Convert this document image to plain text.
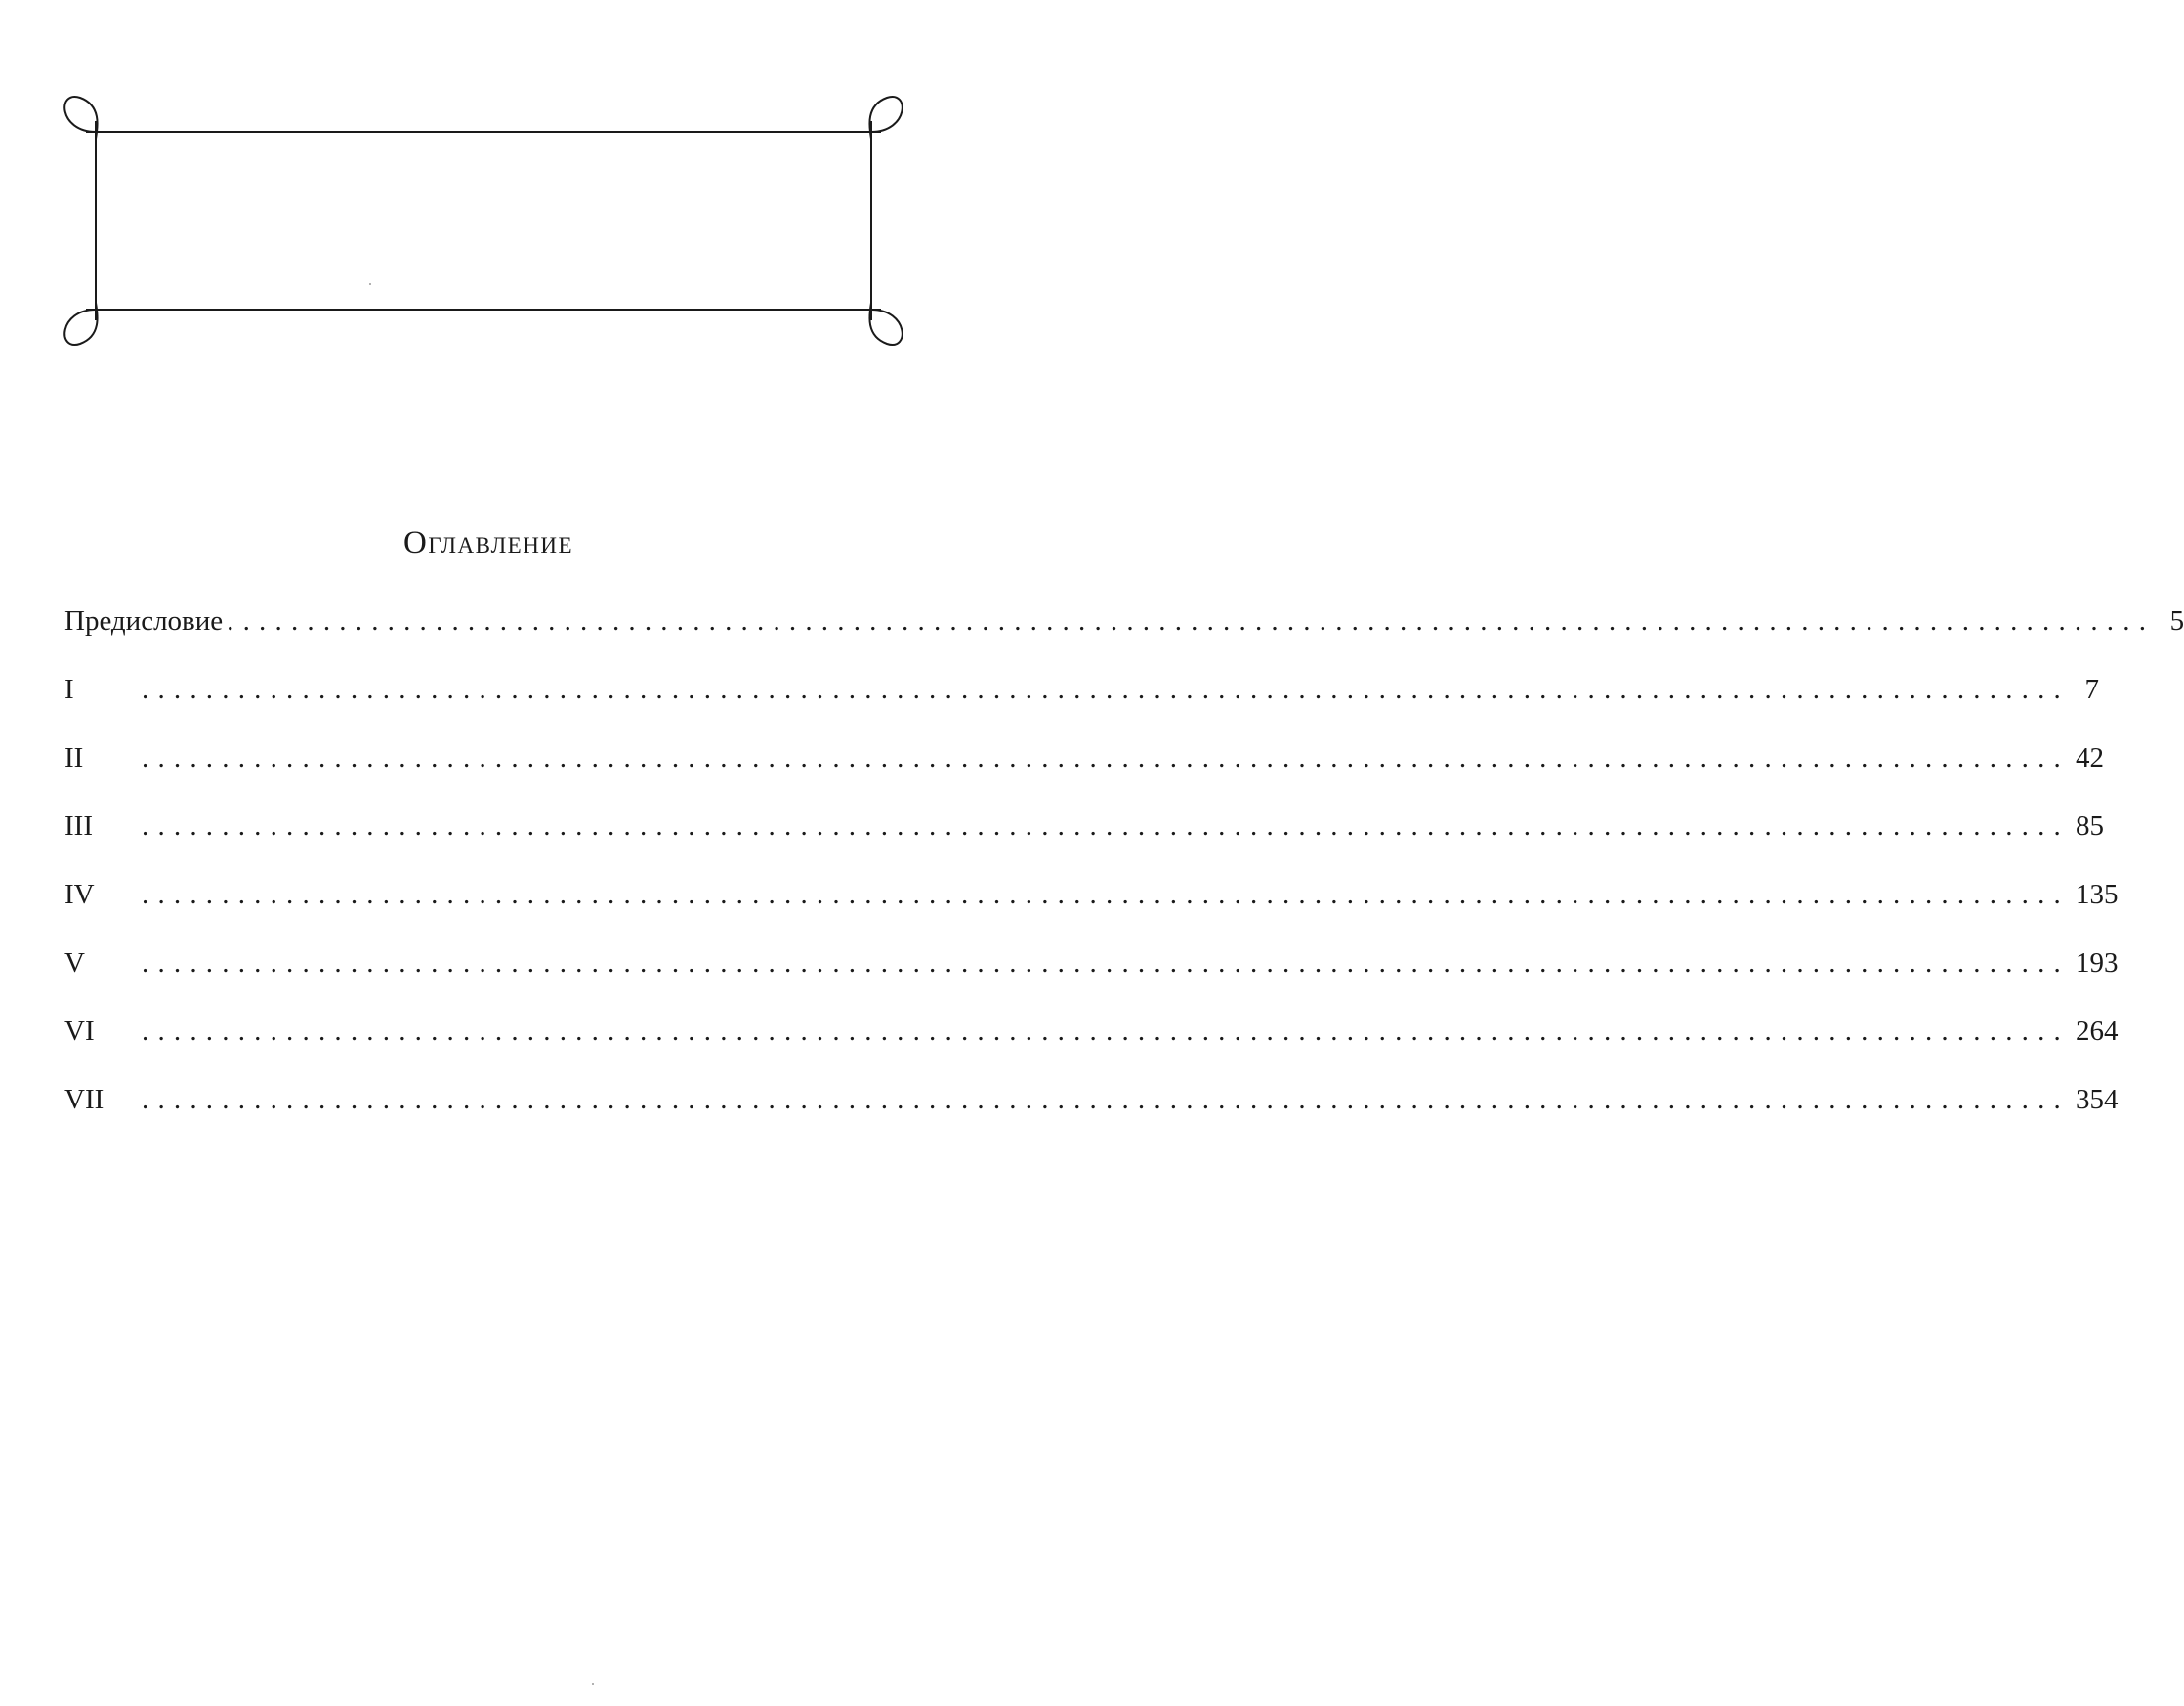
Оглавление
Предисловие ........................................................................................................................ 5
I	........................................................................................................................ 7
II	........................................................................................................................ 42
III	........................................................................................................................ 85
IV	........................................................................................................................ 135
V	........................................................................................................................ 193
VI	........................................................................................................................ 264
VII	........................................................................................................................ 354
